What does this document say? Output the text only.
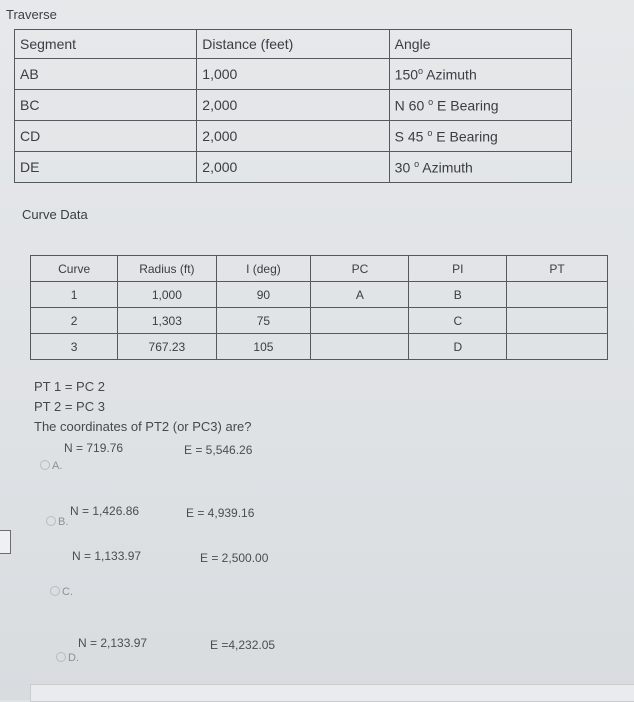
Traverse
Segment	Distance (feet)	Angle
AB	1,000	150$^o$ Azimuth
BC	2,000	N 60 $^o$ E Bearing
CD	2,000	S 45 $^o$ E Bearing
DE	2,000	30 $^o$ Azimuth
Curve Data
Curve	Radius (ft)	I (deg)	PC	PI	PT
1	1,000	90	A	B	
2	1,303	75		C	
3	767.23	105		D	
PT 1 = PC 2
PT 2 = PC 3
The coordinates of PT2 (or PC3) are?
N = 719.76	E = 5,546.26
A.
N = 1,426.86	E = 4,939.16
B.
N = 1,133.97	E = 2,500.00
C.
N = 2,133.97	E =4,232.05
D.
